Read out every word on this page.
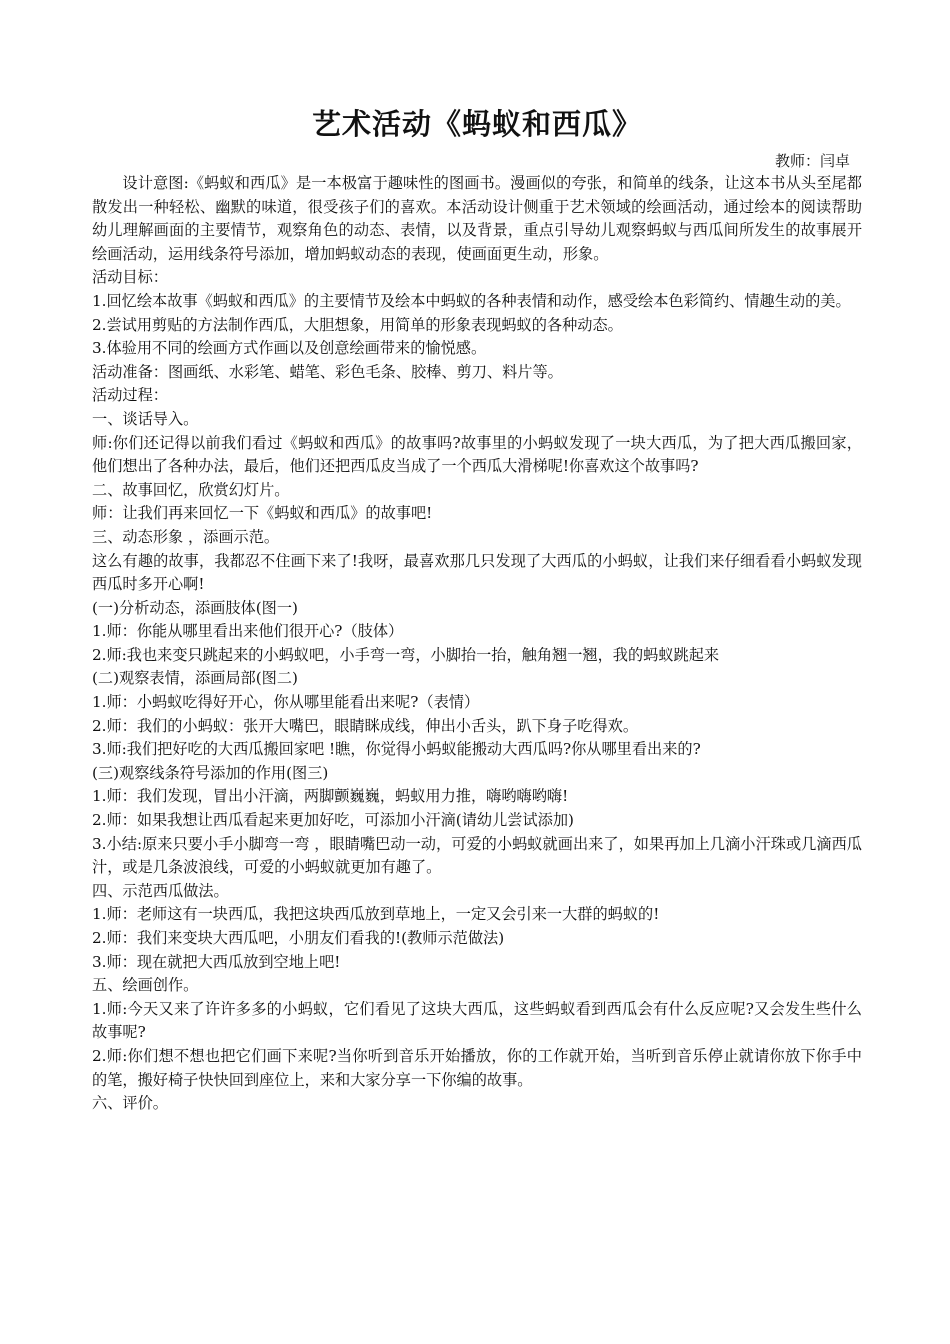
艺术活动《蚂蚁和西瓜》
教师：闫卓

设计意图:《蚂蚁和西瓜》是一本极富于趣味性的图画书。漫画似的夸张，和简单的线条，让这本书从头至尾都散发出一种轻松、幽默的味道，很受孩子们的喜欢。本活动设计侧重于艺术领域的绘画活动，通过绘本的阅读帮助幼儿理解画面的主要情节，观察角色的动态、表情，以及背景，重点引导幼儿观察蚂蚁与西瓜间所发生的故事展开绘画活动，运用线条符号添加，增加蚂蚁动态的表现，使画面更生动，形象。

活动目标：

1.回忆绘本故事《蚂蚁和西瓜》的主要情节及绘本中蚂蚁的各种表情和动作，感受绘本色彩简约、情趣生动的美。

2.尝试用剪贴的方法制作西瓜，大胆想象，用简单的形象表现蚂蚁的各种动态。

3.体验用不同的绘画方式作画以及创意绘画带来的愉悦感。

活动准备：图画纸、水彩笔、蜡笔、彩色毛条、胶棒、剪刀、料片等。

活动过程：

一、谈话导入。

师:你们还记得以前我们看过《蚂蚁和西瓜》的故事吗?故事里的小蚂蚁发现了一块大西瓜，为了把大西瓜搬回家，他们想出了各种办法，最后，他们还把西瓜皮当成了一个西瓜大滑梯呢!你喜欢这个故事吗?

二、故事回忆，欣赏幻灯片。

师：让我们再来回忆一下《蚂蚁和西瓜》的故事吧!

三、动态形象 ，添画示范。

这么有趣的故事，我都忍不住画下来了!我呀，最喜欢那几只发现了大西瓜的小蚂蚁，让我们来仔细看看小蚂蚁发现西瓜时多开心啊!

(一)分析动态，添画肢体(图一)

1.师：你能从哪里看出来他们很开心?（肢体）

2.师:我也来变只跳起来的小蚂蚁吧，小手弯一弯，小脚抬一抬，触角翘一翘，我的蚂蚁跳起来

(二)观察表情，添画局部(图二)

1.师：小蚂蚁吃得好开心，你从哪里能看出来呢?（表情）

2.师：我们的小蚂蚁：张开大嘴巴，眼睛眯成线，伸出小舌头，趴下身子吃得欢。

3.师:我们把好吃的大西瓜搬回家吧 !瞧，你觉得小蚂蚁能搬动大西瓜吗?你从哪里看出来的?

(三)观察线条符号添加的作用(图三)

1.师：我们发现，冒出小汗滴，两脚颤巍巍，蚂蚁用力推，嗨哟嗨哟嗨!

2.师：如果我想让西瓜看起来更加好吃，可添加小汗滴(请幼儿尝试添加)

3.小结:原来只要小手小脚弯一弯 ，眼睛嘴巴动一动，可爱的小蚂蚁就画出来了，如果再加上几滴小汗珠或几滴西瓜汁，或是几条波浪线，可爱的小蚂蚁就更加有趣了。

四、示范西瓜做法。

1.师：老师这有一块西瓜，我把这块西瓜放到草地上，一定又会引来一大群的蚂蚁的!

2.师：我们来变块大西瓜吧，小朋友们看我的!(教师示范做法)

3.师：现在就把大西瓜放到空地上吧!

五、绘画创作。

1.师:今天又来了许许多多的小蚂蚁，它们看见了这块大西瓜，这些蚂蚁看到西瓜会有什么反应呢?又会发生些什么故事呢?

2.师:你们想不想也把它们画下来呢?当你听到音乐开始播放，你的工作就开始，当听到音乐停止就请你放下你手中的笔，搬好椅子快快回到座位上，来和大家分享一下你编的故事。

六、评价。
